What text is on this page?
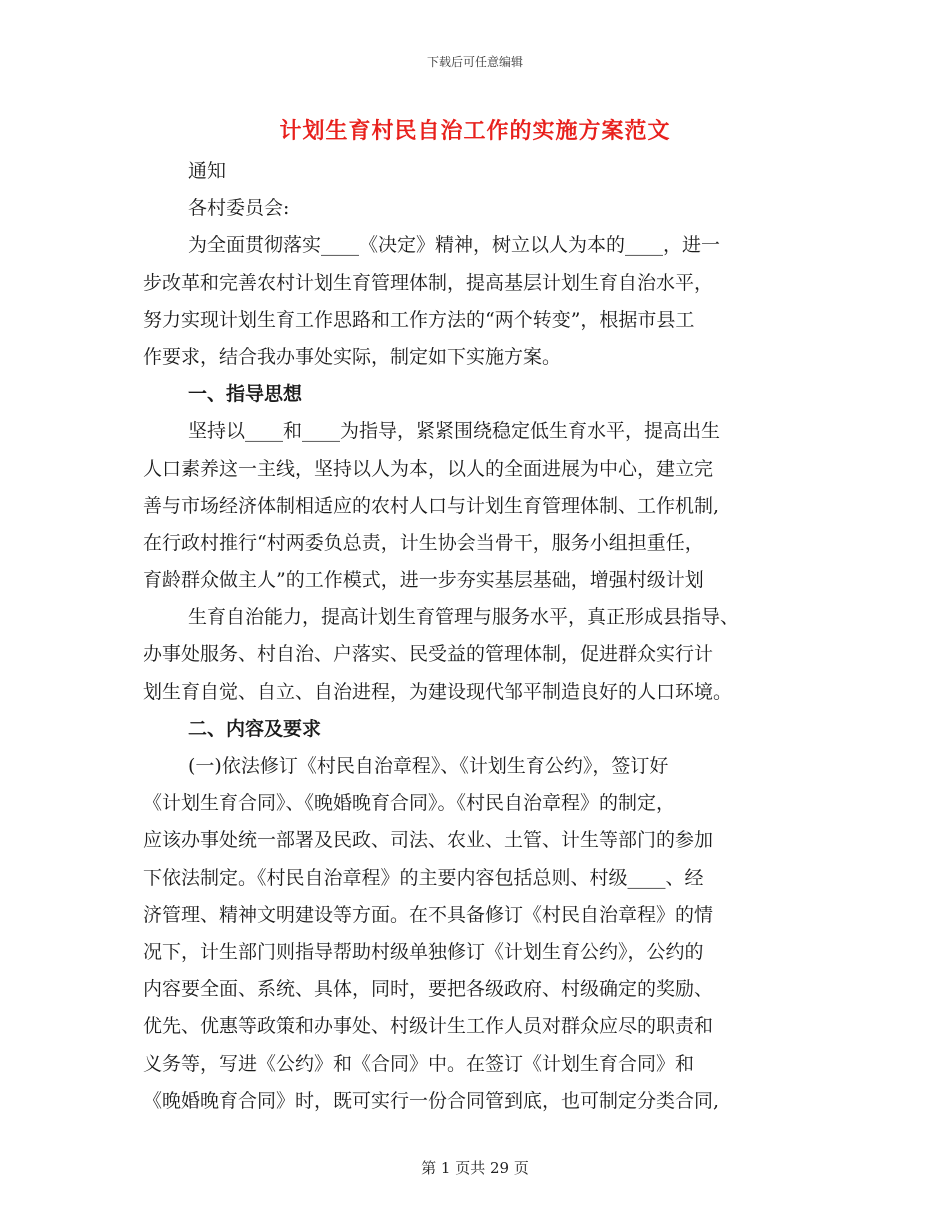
下载后可任意编辑
计划生育村民自治工作的实施方案范文
通知
各村委员会:
为全面贯彻落实____《决定》精神，树立以人为本的____，进一
步改革和完善农村计划生育管理体制，提高基层计划生育自治水平，
努力实现计划生育工作思路和工作方法的“两个转变”，根据市县工
作要求，结合我办事处实际，制定如下实施方案。
一、指导思想
坚持以____和____为指导，紧紧围绕稳定低生育水平，提高出生
人口素养这一主线，坚持以人为本，以人的全面进展为中心，建立完
善与市场经济体制相适应的农村人口与计划生育管理体制、工作机制,
在行政村推行“村两委负总责，计生协会当骨干，服务小组担重任，
育龄群众做主人”的工作模式，进一步夯实基层基础，增强村级计划
生育自治能力，提高计划生育管理与服务水平，真正形成县指导、
办事处服务、村自治、户落实、民受益的管理体制，促进群众实行计
划生育自觉、自立、自治进程，为建设现代邹平制造良好的人口环境。
二、内容及要求
(一)依法修订《村民自治章程》、《计划生育公约》，签订好
《计划生育合同》、《晚婚晚育合同》。《村民自治章程》的制定，
应该办事处统一部署及民政、司法、农业、土管、计生等部门的参加
下依法制定。《村民自治章程》的主要内容包括总则、村级____、经
济管理、精神文明建设等方面。在不具备修订《村民自治章程》的情
况下，计生部门则指导帮助村级单独修订《计划生育公约》，公约的
内容要全面、系统、具体，同时，要把各级政府、村级确定的奖励、
优先、优惠等政策和办事处、村级计生工作人员对群众应尽的职责和
义务等，写进《公约》和《合同》中。在签订《计划生育合同》和
《晚婚晚育合同》时，既可实行一份合同管到底，也可制定分类合同,
第 1 页共 29 页
